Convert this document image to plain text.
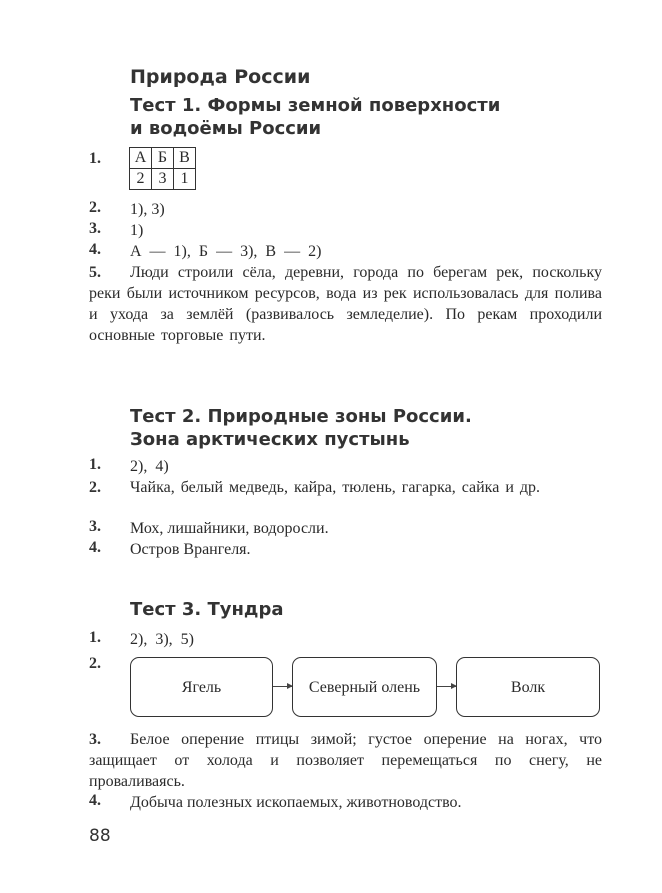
Природа России
Тест 1. Формы земной поверхности
и водоёмы России
1. А	Б	В
2	3	1
2. 1), 3)
3. 1)
4. А  —  1),  Б  —  3),  В  —  2)
5. Люди строили сёла, деревни, города по берегам рек, поскольку реки были источником ресурсов, вода из рек использовалась для полива и ухода за землёй (развивалось земледелие). По рекам проходили основные торговые пути.
Тест 2. Природные зоны России.
Зона арктических пустынь
1. 2),  4)
2. Чайка, белый медведь, кайра, тюлень, гагарка, сайка и др.
3. Мох, лишайники, водоросли.
4. Остров Врангеля.
Тест 3. Тундра
1. 2),  3),  5)
2.
Ягель	Северный олень	Волк
3. Белое оперение птицы зимой; густое оперение на ногах, что защищает от холода и позволяет перемещаться по снегу, не проваливаясь.
4. Добыча полезных ископаемых, животноводство.
88
